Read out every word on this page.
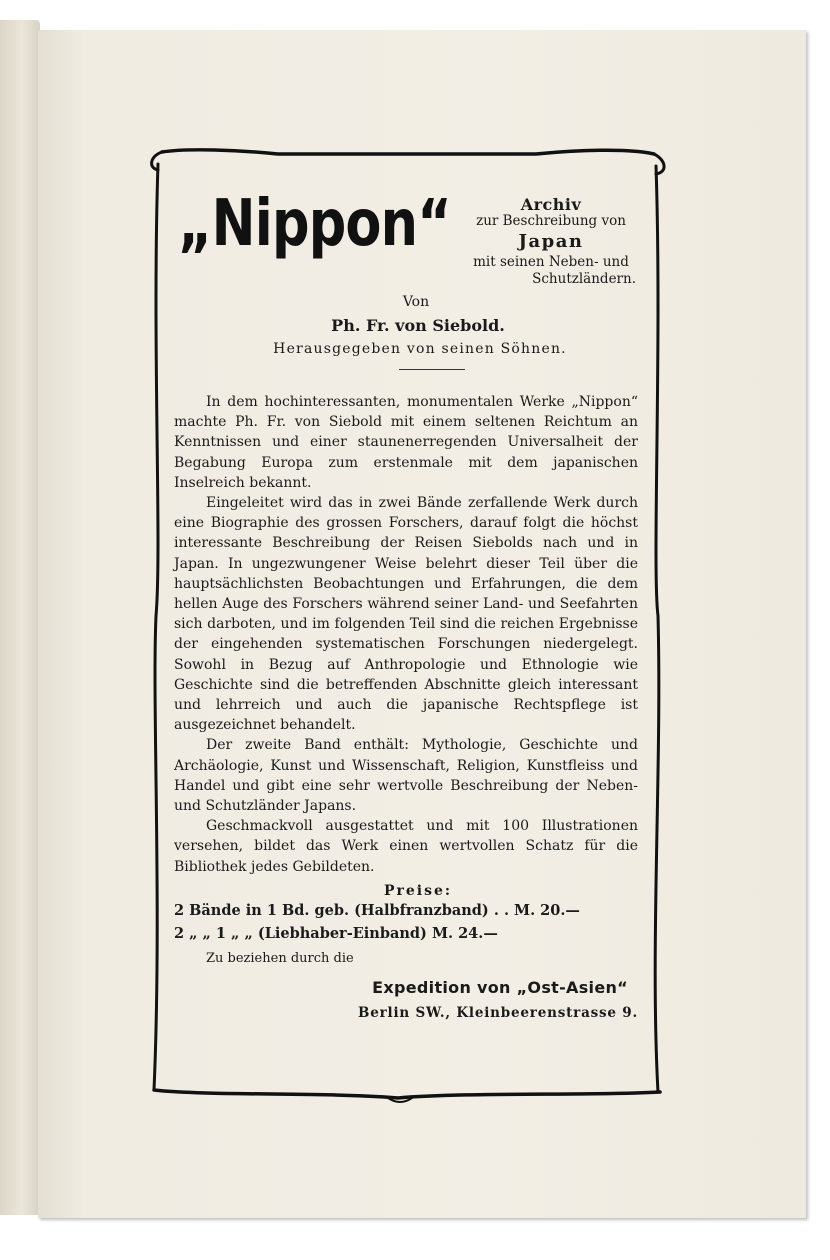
„Nippon“	Archiv
zur Beschreibung von
Japan
mit seinen Neben- und
Schutzländern.
Von
Ph. Fr. von Siebold.
Herausgegeben von seinen Söhnen.

In dem hochinteressanten, monumentalen Werke „Nippon“ machte Ph. Fr. von Siebold mit einem seltenen Reichtum an Kenntnissen und einer staunenerregenden Universalheit der Begabung Europa zum erstenmale mit dem japanischen Inselreich bekannt.

Eingeleitet wird das in zwei Bände zerfallende Werk durch eine Biographie des grossen Forschers, darauf folgt die höchst interessante Beschreibung der Reisen Siebolds nach und in Japan. In ungezwungener Weise belehrt dieser Teil über die hauptsächlichsten Beobachtungen und Erfahrungen, die dem hellen Auge des Forschers während seiner Land- und Seefahrten sich darboten, und im folgenden Teil sind die reichen Ergebnisse der eingehenden systematischen Forschungen niedergelegt. Sowohl in Bezug auf Anthropologie und Ethnologie wie Geschichte sind die betreffenden Abschnitte gleich interessant und lehrreich und auch die japanische Rechtspflege ist ausgezeichnet behandelt.

Der zweite Band enthält: Mythologie, Geschichte und Archäologie, Kunst und Wissenschaft, Religion, Kunstfleiss und Handel und gibt eine sehr wertvolle Beschreibung der Neben- und Schutzländer Japans.

Geschmackvoll ausgestattet und mit 100 Illustrationen versehen, bildet das Werk einen wertvollen Schatz für die Bibliothek jedes Gebildeten.

Preise:
2 Bände in 1 Bd. geb. (Halbfranzband) . . M. 20.—
2 „ „ 1 „ „ (Liebhaber-Einband) M. 24.—
Zu beziehen durch die
Expedition von „Ost-Asien“
Berlin SW., Kleinbeerenstrasse 9.
